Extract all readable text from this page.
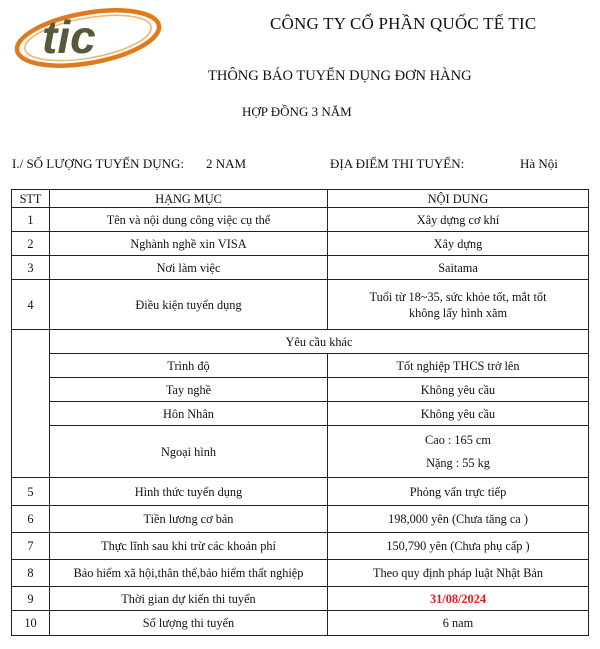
tic	CÔNG TY CỔ PHẦN QUỐC TẾ TIC
THÔNG BÁO TUYỂN DỤNG ĐƠN HÀNG
HỢP ĐỒNG 3 NĂM
I./ SỐ LƯỢNG TUYỂN DỤNG: 2 NAM	ĐỊA ĐIỂM THI TUYỂN:	Hà Nội
STT	HẠNG MỤC	NỘI DUNG
1	Tên và nội dung công việc cụ thể	Xây dựng cơ khí
2	Nghành nghề xin VISA	Xây dựng
3	Nơi làm việc	Saitama
4	Điều kiện tuyển dụng	Tuổi từ 18~35, sức khỏe tốt, mắt tốt
không lấy hình xăm

	Yêu cầu khác	
	Trình độ	Tốt nghiệp THCS trở lên
	Tay nghề	Không yêu cầu
	Hôn Nhân	Không yêu cầu
	Ngoại hình	Cao : 165 cm
Nặng : 55 kg

5	Hình thức tuyển dụng	Phỏng vấn trực tiếp
6	Tiền lương cơ bản	198,000 yên (Chưa tăng ca )
7	Thực lĩnh sau khi trừ các khoản phí	150,790 yên (Chưa phụ cấp )
8	Bảo hiểm xã hội,thân thể,bảo hiểm thất nghiệp	Theo quy định pháp luật Nhật Bản
9	Thời gian dự kiến thi tuyển	31/08/2024
10	Số lượng thi tuyển	6 nam
